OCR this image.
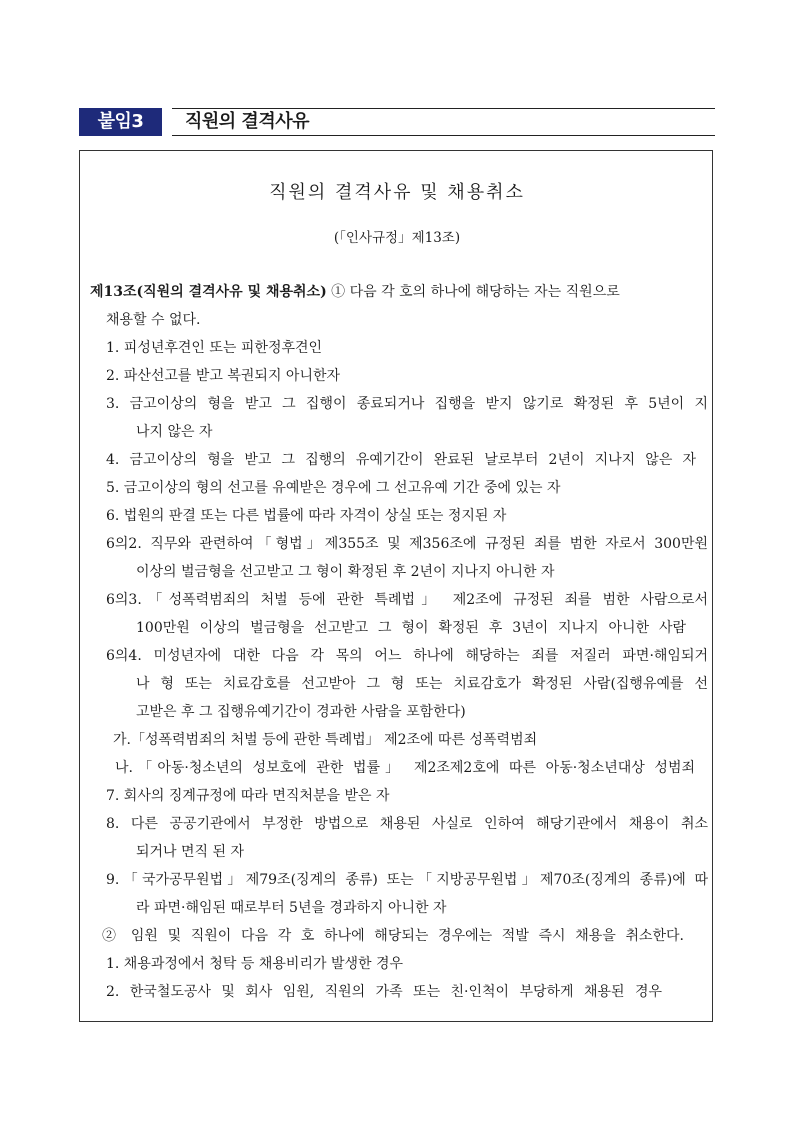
붙임3	직원의 결격사유
직원의 결격사유 및 채용취소
(「인사규정」제13조)
제13조(직원의 결격사유 및 채용취소) ① 다음 각 호의 하나에 해당하는 자는 직원으로
채용할 수 없다.
1. 피성년후견인 또는 피한정후견인
2. 파산선고를 받고 복권되지 아니한자
3. 금고이상의 형을 받고 그 집행이 종료되거나 집행을 받지 않기로 확정된 후 5년이 지
나지 않은 자
4. 금고이상의 형을 받고 그 집행의 유예기간이 완료된 날로부터 2년이 지나지 않은 자
5. 금고이상의 형의 선고를 유예받은 경우에 그 선고유예 기간 중에 있는 자
6. 법원의 판결 또는 다른 법률에 따라 자격이 상실 또는 정지된 자
6의2. 직무와 관련하여「형법」제355조 및 제356조에 규정된 죄를 범한 자로서 300만원
이상의 벌금형을 선고받고 그 형이 확정된 후 2년이 지나지 아니한 자
6의3.「성폭력범죄의 처벌 등에 관한 특례법」 제2조에 규정된 죄를 범한 사람으로서
100만원 이상의 벌금형을 선고받고 그 형이 확정된 후 3년이 지나지 아니한 사람
6의4. 미성년자에 대한 다음 각 목의 어느 하나에 해당하는 죄를 저질러 파면·해임되거
나 형 또는 치료감호를 선고받아 그 형 또는 치료감호가 확정된 사람(집행유예를 선
고받은 후 그 집행유예기간이 경과한 사람을 포함한다)
가.「성폭력범죄의 처벌 등에 관한 특례법」 제2조에 따른 성폭력범죄
나.「아동·청소년의 성보호에 관한 법률」 제2조제2호에 따른 아동·청소년대상 성범죄
7. 회사의 징계규정에 따라 면직처분을 받은 자
8. 다른 공공기관에서 부정한 방법으로 채용된 사실로 인하여 해당기관에서 채용이 취소
되거나 면직 된 자
9.「국가공무원법」제79조(징계의 종류) 또는「지방공무원법」제70조(징계의 종류)에 따
라 파면·해임된 때로부터 5년을 경과하지 아니한 자
② 임원 및 직원이 다음 각 호 하나에 해당되는 경우에는 적발 즉시 채용을 취소한다.
1. 채용과정에서 청탁 등 채용비리가 발생한 경우
2. 한국철도공사 및 회사 임원, 직원의 가족 또는 친·인척이 부당하게 채용된 경우
